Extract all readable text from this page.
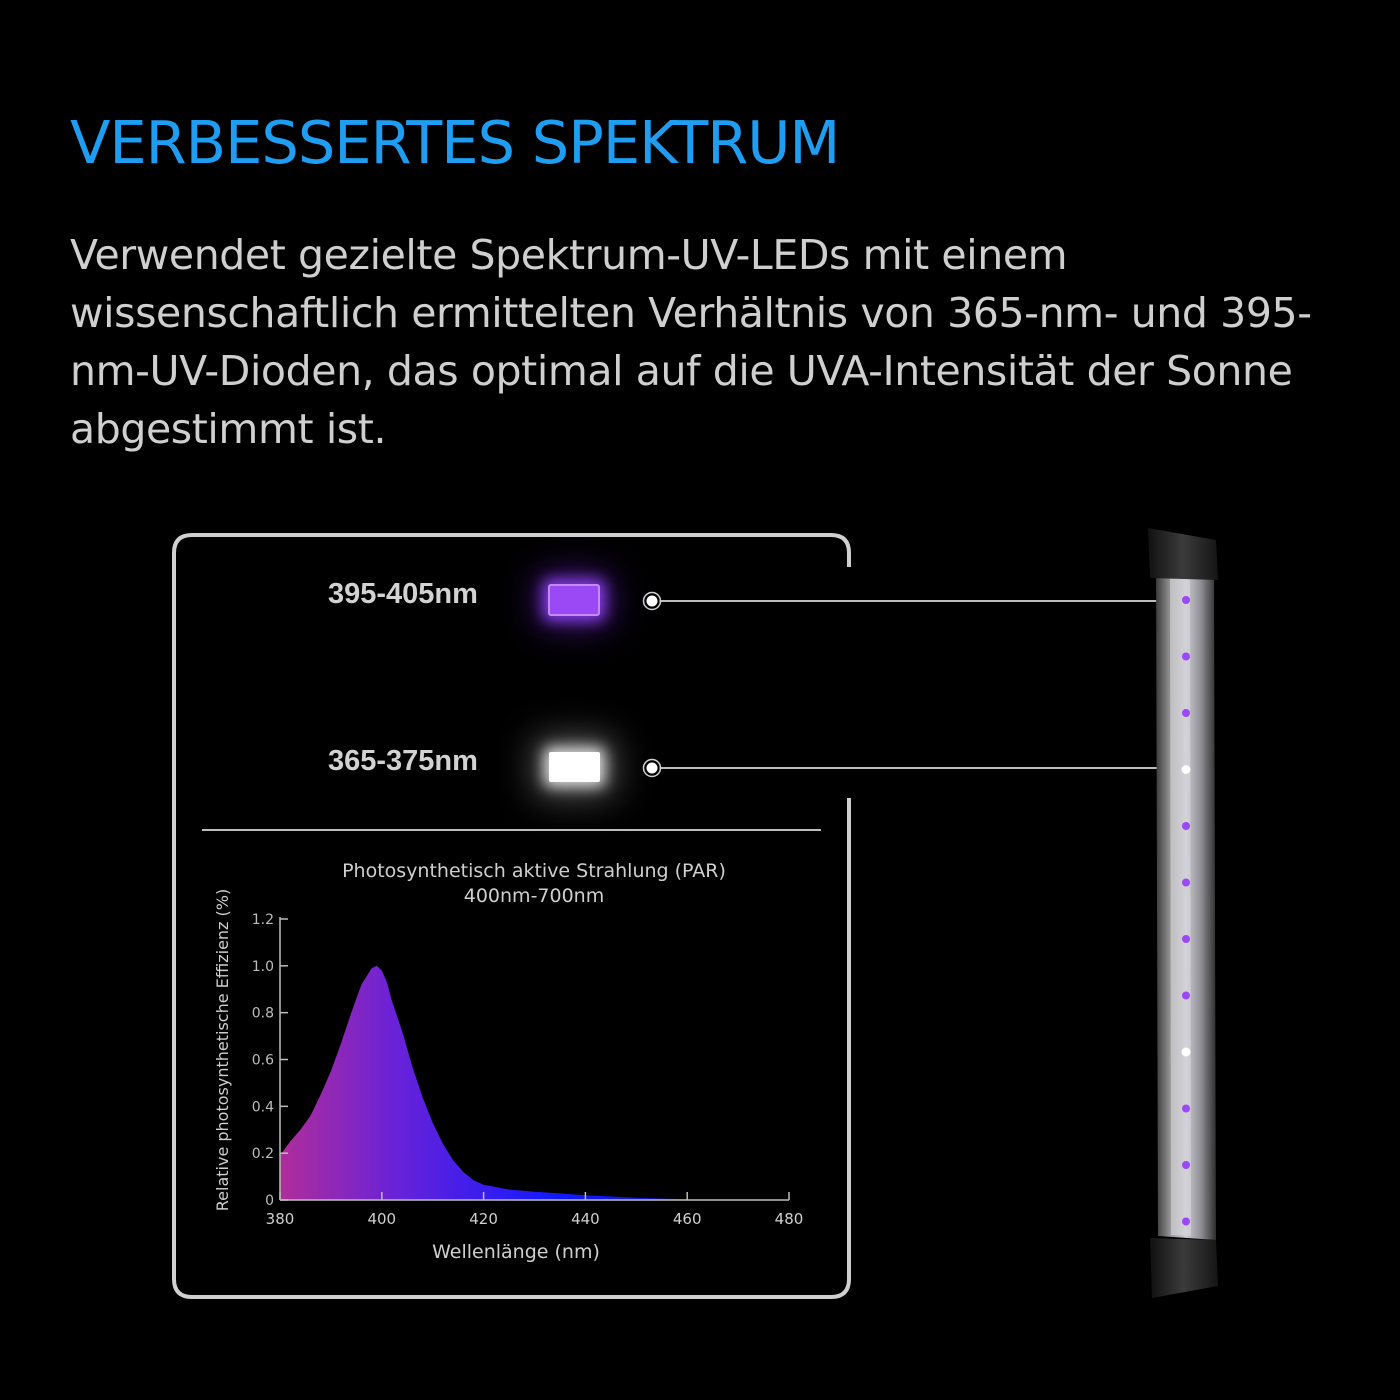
VERBESSERTES SPEKTRUM

Verwendet gezielte Spektrum-UV-LEDs mit einem wissenschaftlich ermittelten Verhältnis von 365-nm- und 395-nm-UV-Dioden, das optimal auf die UVA-Intensität der Sonne abgestimmt ist.

395-405nm
365-375nm
Photosynthetisch aktive Strahlung (PAR)
400nm-700nm
Relative photosynthetische Effizienz (%)
Wellenlänge (nm)
0
0.2
0.4
0.6
0.8
1.0
1.2
380	400	420	440	460	480
